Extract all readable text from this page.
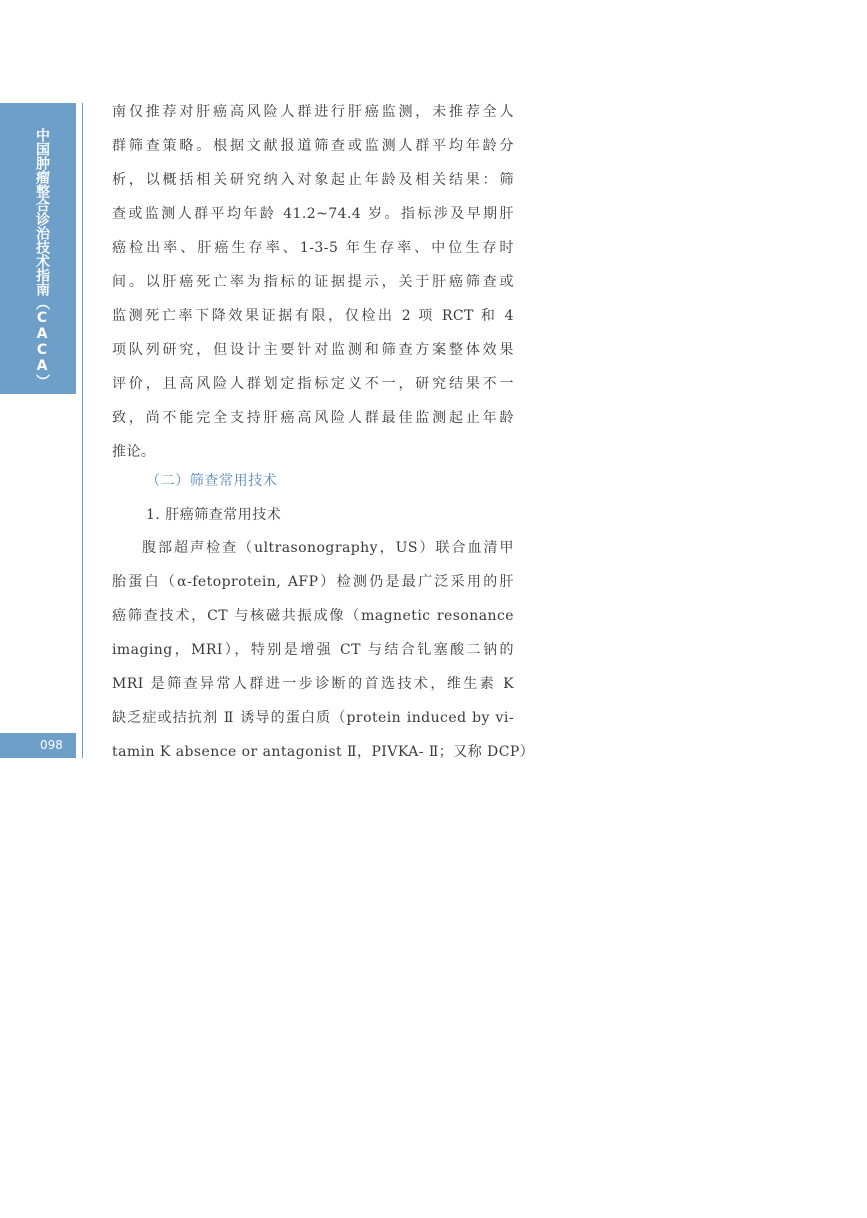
中国肿瘤整合诊治技术指南（CACA）
098
南仅推荐对肝癌高风险人群进行肝癌监测，未推荐全人
群筛查策略。根据文献报道筛查或监测人群平均年龄分
析，以概括相关研究纳入对象起止年龄及相关结果：筛
查或监测人群平均年龄 41.2~74.4 岁。指标涉及早期肝
癌检出率、肝癌生存率、1-3-5 年生存率、中位生存时
间。以肝癌死亡率为指标的证据提示，关于肝癌筛查或
监测死亡率下降效果证据有限，仅检出 2 项 RCT 和 4
项队列研究，但设计主要针对监测和筛查方案整体效果
评价，且高风险人群划定指标定义不一，研究结果不一
致，尚不能完全支持肝癌高风险人群最佳监测起止年龄
推论。
（二）筛查常用技术
1. 肝癌筛查常用技术
腹部超声检查（ultrasonography，US）联合血清甲
胎蛋白（α-fetoprotein, AFP）检测仍是最广泛采用的肝
癌筛查技术，CT 与核磁共振成像（magnetic resonance
imaging，MRI），特别是增强 CT 与结合钆塞酸二钠的
MRI 是筛查异常人群进一步诊断的首选技术，维生素 K
缺乏症或拮抗剂 Ⅱ 诱导的蛋白质（protein induced by vi-
tamin K absence or antagonist Ⅱ，PIVKA- Ⅱ；又称 DCP）
